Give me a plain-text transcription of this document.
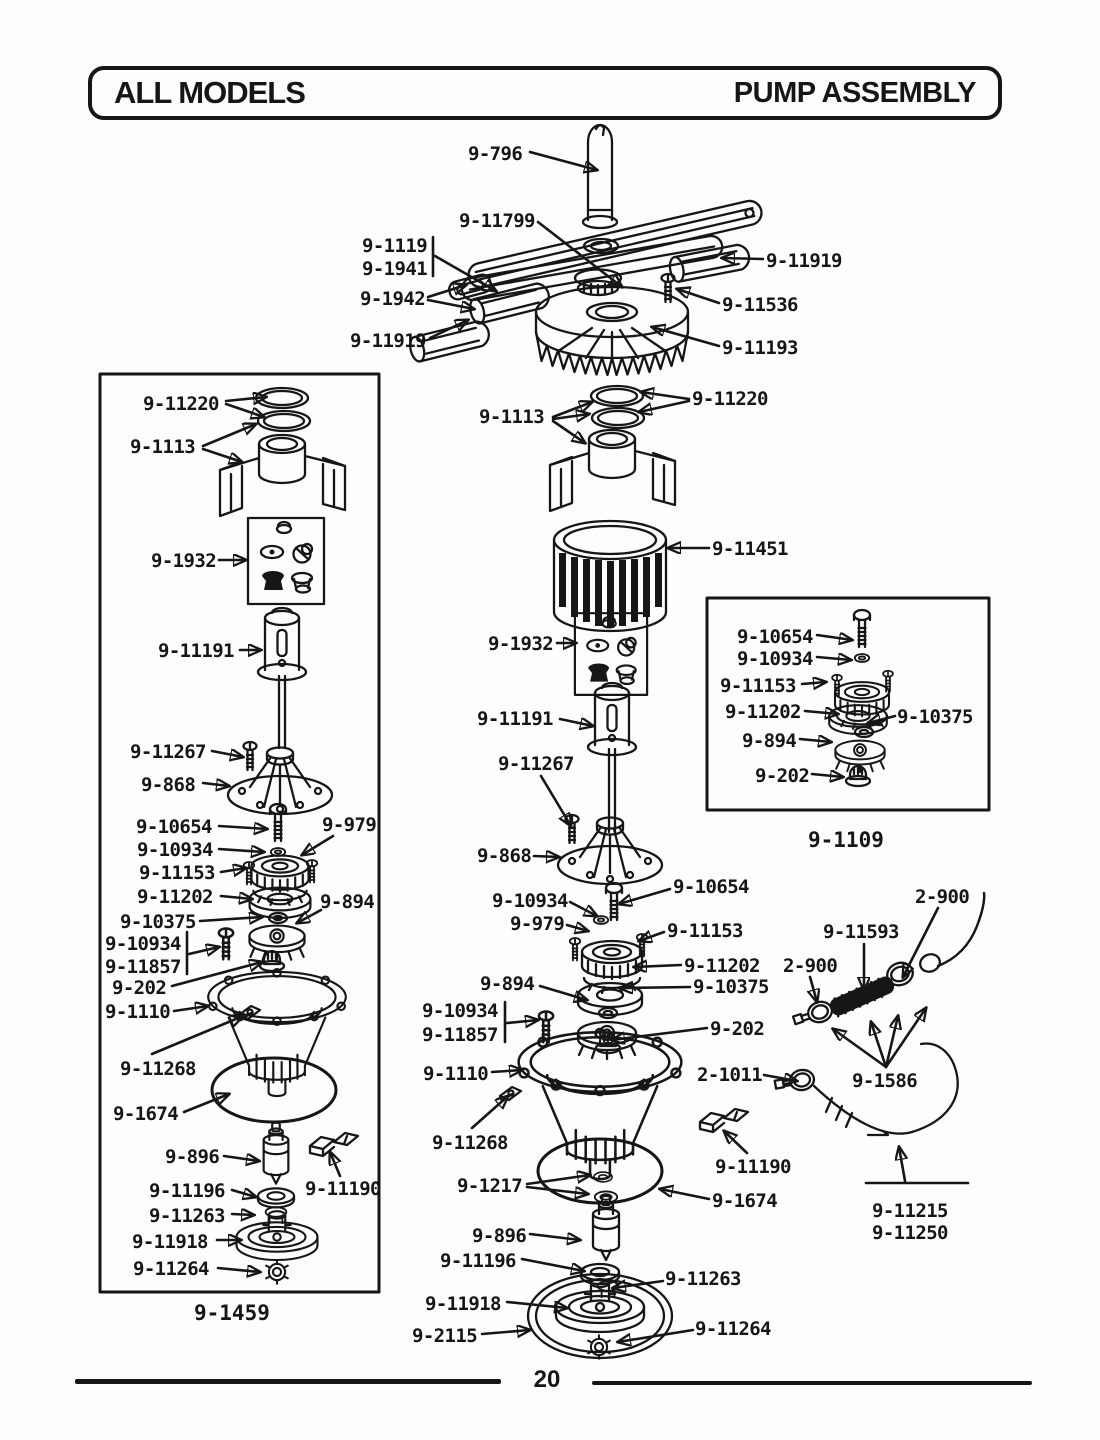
ALL MODELS	PUMP ASSEMBLY
9-796
9-11799
9-1119
9-1941
9-1942
9-11919
9-11919
9-11536
9-11193
9-11220
9-1113
9-1932
9-11191
9-11267
9-868
9-10654	9-979
9-10934
9-11153
9-11202	9-894
9-10375
9-10934
9-11857
9-202
9-1110
9-11268
9-1674
9-896
9-11196
9-11263
9-11918
9-11264
9-11190
9-1459
9-11220
9-1113
9-11451
9-1932
9-11191
9-11267
9-868
9-10654
9-10934
9-979	9-11153
9-11202
9-894	9-10375
9-10934
9-11857	9-202
9-1110	2-1011
9-11268
9-11190
9-1217
9-1674
9-896
9-11196
9-11263
9-11918
9-2115	9-11264
9-10654
9-10934
9-11153
9-11202	9-10375
9-894
9-202
9-1109
2-900
9-11593
2-900
9-1586
9-11215
9-11250
20
